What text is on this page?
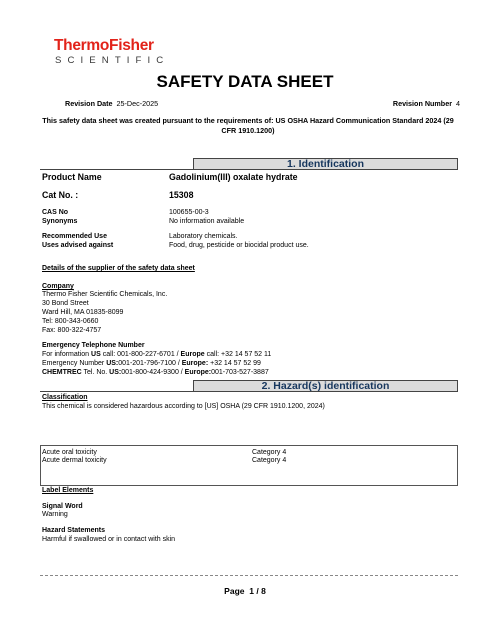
ThermoFisher
SCIENTIFIC
SAFETY DATA SHEET
Revision Date 25-Dec-2025	Revision Number 4
This safety data sheet was created pursuant to the requirements of: US OSHA Hazard Communication Standard 2024 (29 CFR 1910.1200)
1. Identification
Product Name	Gadolinium(III) oxalate hydrate
Cat No. :	15308
CAS No	100655-00-3
Synonyms	No information available
Recommended Use	Laboratory chemicals.
Uses advised against	Food, drug, pesticide or biocidal product use.
Details of the supplier of the safety data sheet
Company
Thermo Fisher Scientific Chemicals, Inc.
30 Bond Street
Ward Hill, MA 01835-8099
Tel: 800-343-0660
Fax: 800-322-4757
Emergency Telephone Number
For information US call: 001-800-227-6701 / Europe call: +32 14 57 52 11
Emergency Number US:001-201-796-7100 / Europe: +32 14 57 52 99
CHEMTREC Tel. No. US:001-800-424-9300 / Europe:001-703-527-3887
2. Hazard(s) identification
Classification
This chemical is considered hazardous according to [US] OSHA (29 CFR 1910.1200, 2024)
Acute oral toxicity	Category 4
Acute dermal toxicity	Category 4
Label Elements
Signal Word
Warning
Hazard Statements
Harmful if swallowed or in contact with skin
Page 1 / 8
